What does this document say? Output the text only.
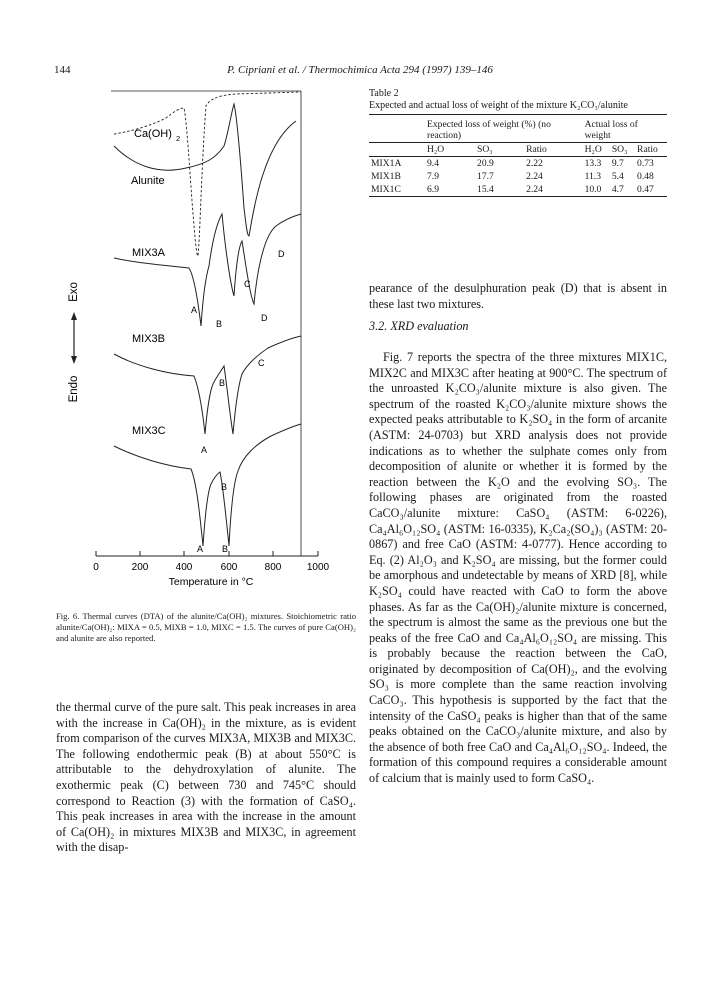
144	P. Cipriani et al. / Thermochimica Acta 294 (1997) 139–146
0	200	400	600	800	1000
Temperature in °C
Endo
Exo
Ca(OH) 2
Alunite
MIX3A	D
A
C
B
D
MIX3B
C
B
MIX3C
A
B
A B
Fig. 6. Thermal curves (DTA) of the alunite/Ca(OH)₂ mixtures. Stoichiometric ratio alunite/Ca(OH)₂: MIXA = 0.5, MIXB = 1.0, MIXC = 1.5. The curves of pure Ca(OH)₂ and alunite are also reported.

the thermal curve of the pure salt. This peak increases in area with the increase in Ca(OH)₂ in the mixture, as is evident from comparison of the curves MIX3A, MIX3B and MIX3C. The following endothermic peak (B) at about 550°C is attributable to the dehydroxylation of alunite. The exothermic peak (C) between 730 and 745°C should correspond to Reaction (3) with the formation of CaSO₄. This peak increases in area with the increase in the amount of Ca(OH)₂ in mixtures MIX3B and MIX3C, in agreement with the disap-

Table 2
Expected and actual loss of weight of the mixture K₂CO₃/alunite
	Expected loss of weight (%) (no reaction)			Actual loss of weight		
	H₂O	SO₃	Ratio	H₂O	SO₃	Ratio
MIX1A	9.4	20.9	2.22	13.3	9.7	0.73
MIX1B	7.9	17.7	2.24	11.3	5.4	0.48
MIX1C	6.9	15.4	2.24	10.0	4.7	0.47

pearance of the desulphuration peak (D) that is absent in these last two mixtures.

3.2. XRD evaluation

Fig. 7 reports the spectra of the three mixtures MIX1C, MIX2C and MIX3C after heating at 900°C. The spectrum of the unroasted K₂CO₃/alunite mixture is also given. The spectrum of the roasted K₂CO₃/alunite mixture shows the expected peaks attributable to K₂SO₄ in the form of arcanite (ASTM: 24-0703) but XRD analysis does not provide indications as to whether the sulphate comes only from decomposition of alunite or whether it is formed by the reaction between the K₂O and the evolving SO₃. The following phases are originated from the roasted CaCO₃/alunite mixture: CaSO₄ (ASTM: 6-0226), Ca₄Al₆O₁₂SO₄ (ASTM: 16-0335), K₂Ca₂(SO₄)₃ (ASTM: 20-0867) and free CaO (ASTM: 4-0777). Hence according to Eq. (2) Al₂O₃ and K₂SO₄ are missing, but the former could be amorphous and undetectable by means of XRD [8], while K₂SO₄ could have reacted with CaO to form the above phases. As far as the Ca(OH)₂/alunite mixture is concerned, the spectrum is almost the same as the previous one but the peaks of the free CaO and Ca₄Al₆O₁₂SO₄ are missing. This is probably because the reaction between the CaO, originated by decomposition of Ca(OH)₂, and the evolving SO₃ is more complete than the same reaction involving CaCO₃. This hypothesis is supported by the fact that the intensity of the CaSO₄ peaks is higher than that of the same peaks obtained on the CaCO₃/alunite mixture, and also by the absence of both free CaO and Ca₄Al₆O₁₂SO₄. Indeed, the formation of this compound requires a considerable amount of calcium that is mainly used to form CaSO₄.
